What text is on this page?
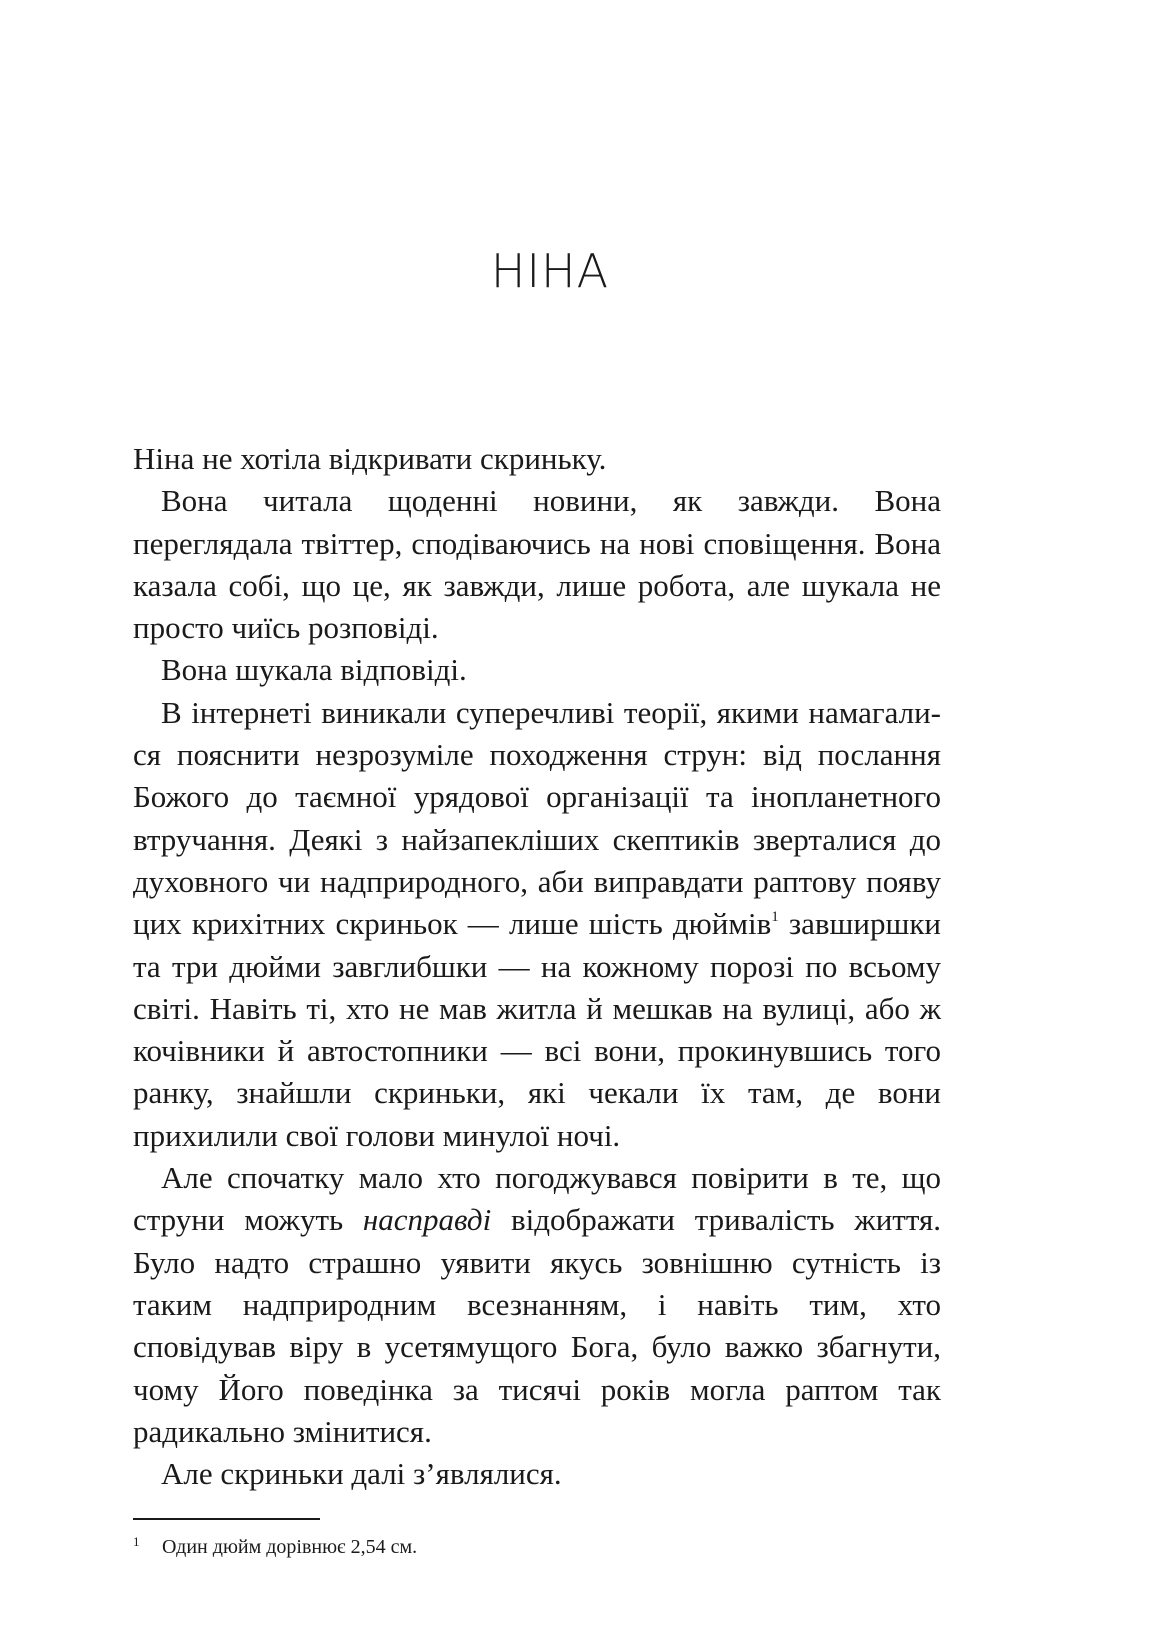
НІНА

Ніна не хотіла відкривати скриньку.

Вона читала щоденні новини, як завжди. Вона переглядала твіттер, сподіваючись на нові сповіщення. Вона казала собі, що це, як завжди, лише робота, але шукала не просто чиїсь розповіді.

Вона шукала відповіді.

В інтернеті виникали суперечливі теорії, якими намагалися пояснити незрозуміле походження струн: від послання Божого до таємної урядової організації та інопланетного втручання. Деякі з найзапекліших скептиків зверталися до духовного чи надприродного, аби виправдати раптову появу цих крихітних скриньок — лише шість дюймів$^1$ завширшки та три дюйми завглибшки — на кожному порозі по всьому світі. Навіть ті, хто не мав житла й мешкав на вулиці, або ж кочівники й автостопники — всі вони, прокинувшись того ранку, знайшли скриньки, які чекали їх там, де вони прихилили свої голови минулої ночі.

Але спочатку мало хто погоджувався повірити в те, що струни можуть насправді відображати тривалість життя. Було надто страшно уявити якусь зовнішню сутність із таким надприродним всезнанням, і навіть тим, хто сповідував віру в усетямущого Бога, було важко збагнути, чому Його поведінка за тисячі років могла раптом так радикально змінитися.

Але скриньки далі з’являлися.

1 Один дюйм дорівнює 2,54 см.
